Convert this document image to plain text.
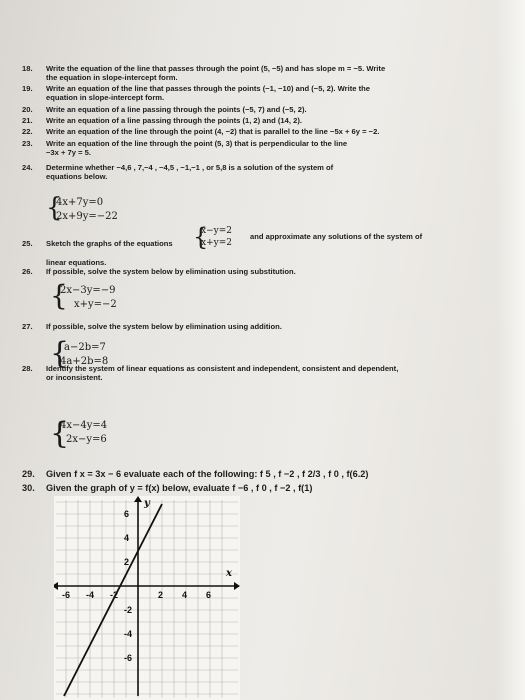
18. Write the equation of the line that passes through the point (5, −5) and has slope m = −5. Write
the equation in slope-intercept form.
19. Write an equation of the line that passes through the points (−1, −10) and (−5, 2). Write the
equation in slope-intercept form.
20. Write an equation of a line passing through the points (−5, 7) and (−5, 2).
21. Write an equation of a line passing through the points (1, 2) and (14, 2).
22. Write an equation of the line through the point (4, −2) that is parallel to the line −5x + 6y = −2.
23. Write an equation of the line through the point (5, 3) that is perpendicular to the line
−3x + 7y = 5.
24. Determine whether −4,6 , 7,−4 , −4,5 , −1,−1 , or 5,8 is a solution of the system of
equations below.
{
4x+7y=0
2x+9y=−22
25. Sketch the graphs of the equations {
x−y=2
x+y=2
and approximate any solutions of the system of
linear equations.
26. If possible, solve the system below by elimination using substitution.
{
2x−3y=−9
x+y=−2
27. If possible, solve the system below by elimination using addition.
{
a−2b=7
4a+2b=8
28. Identify the system of linear equations as consistent and independent, consistent and dependent,
or inconsistent.
{
4x−4y=4
2x−y=6
29. Given f x = 3x − 6 evaluate each of the following: f 5 , f −2 , f 2/3 , f 0 , f(6.2)
30. Given the graph of y = f(x) below, evaluate f −6 , f 0 , f −2 , f(1)
-6 -4 -2	2 4 6
6
4
2
-2
-4
-6
x
y
